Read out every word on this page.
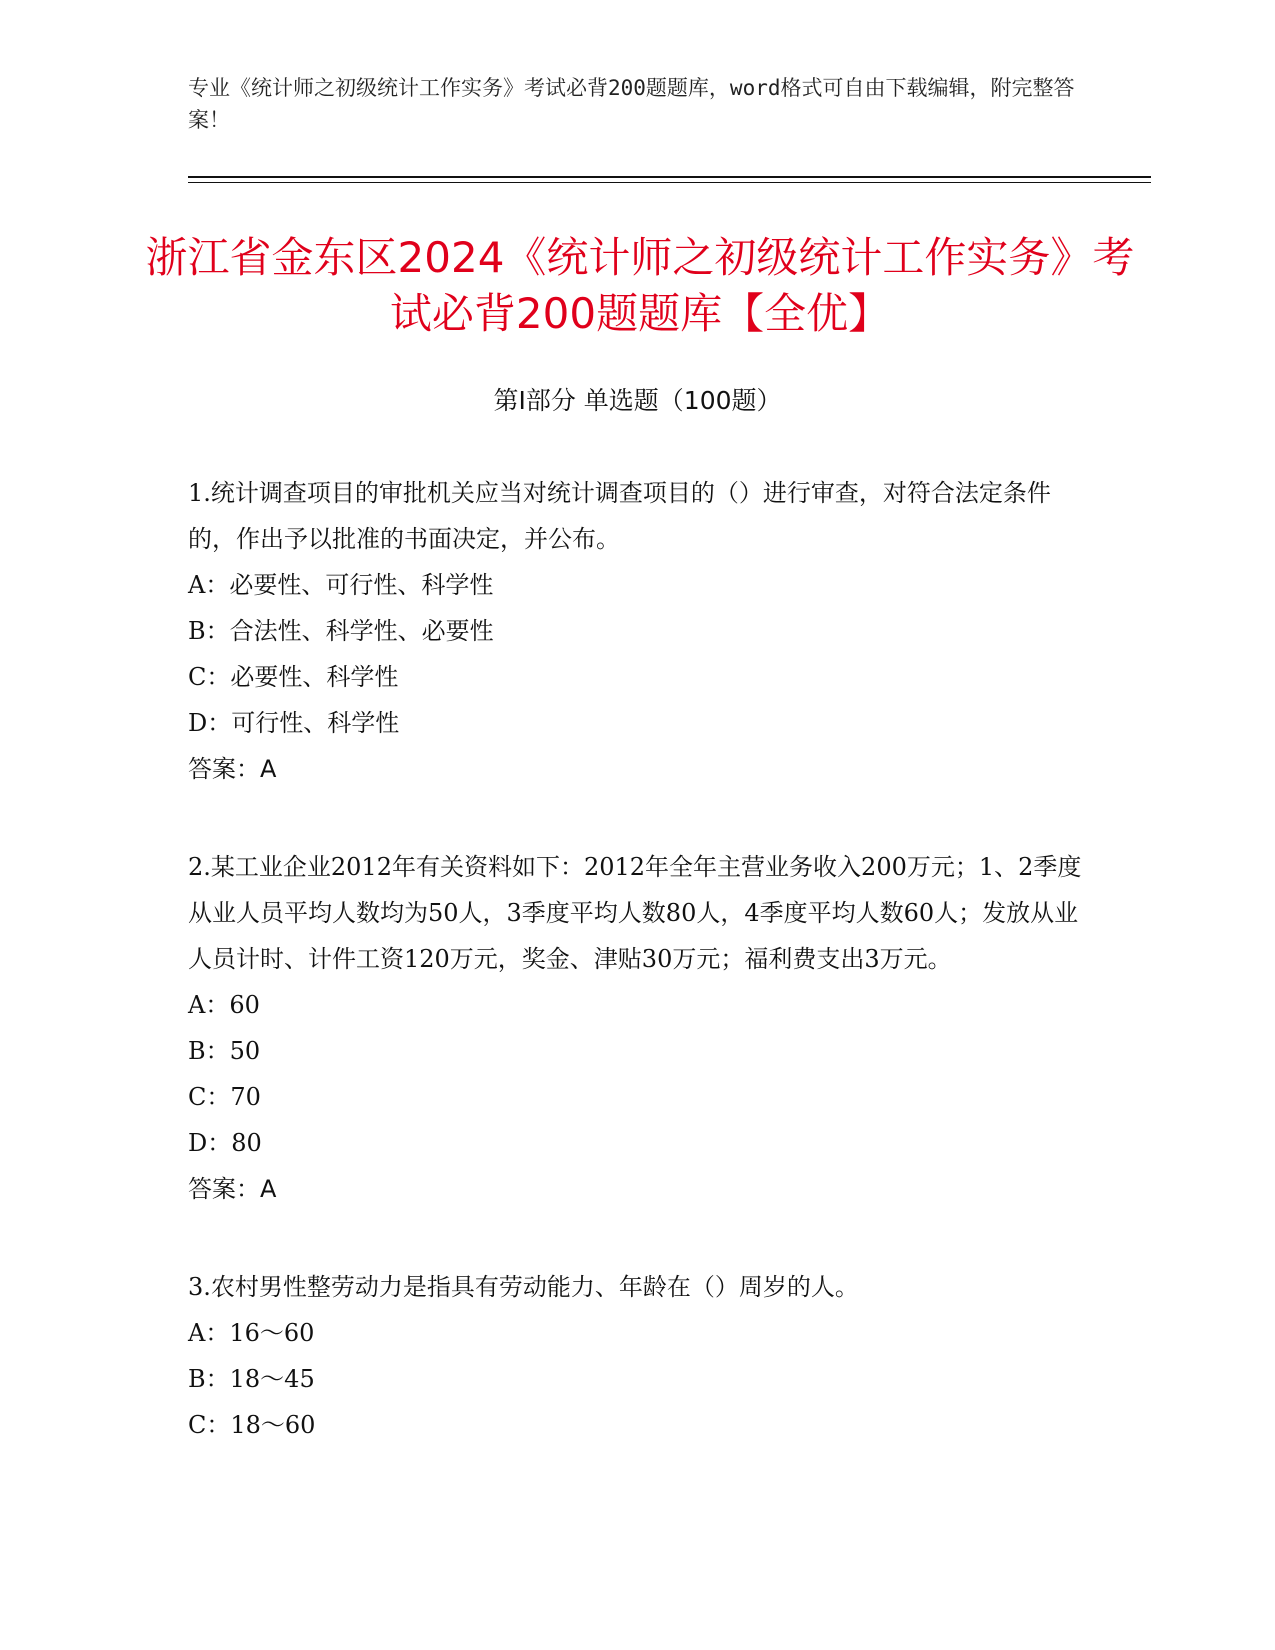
专业《统计师之初级统计工作实务》考试必背200题题库，word格式可自由下载编辑，附完整答案！
浙江省金东区2024《统计师之初级统计工作实务》考试必背200题题库【全优】
第I部分 单选题（100题）

1.统计调查项目的审批机关应当对统计调查项目的（）进行审查，对符合法定条件的，作出予以批准的书面决定，并公布。

A：必要性、可行性、科学性

B：合法性、科学性、必要性

C：必要性、科学性

D：可行性、科学性

答案：A

2.某工业企业2012年有关资料如下：2012年全年主营业务收入200万元；1、2季度从业人员平均人数均为50人，3季度平均人数80人，4季度平均人数60人；发放从业人员计时、计件工资120万元，奖金、津贴30万元；福利费支出3万元。

A：60

B：50

C：70

D：80

答案：A

3.农村男性整劳动力是指具有劳动能力、年龄在（）周岁的人。

A：16～60

B：18～45

C：18～60
